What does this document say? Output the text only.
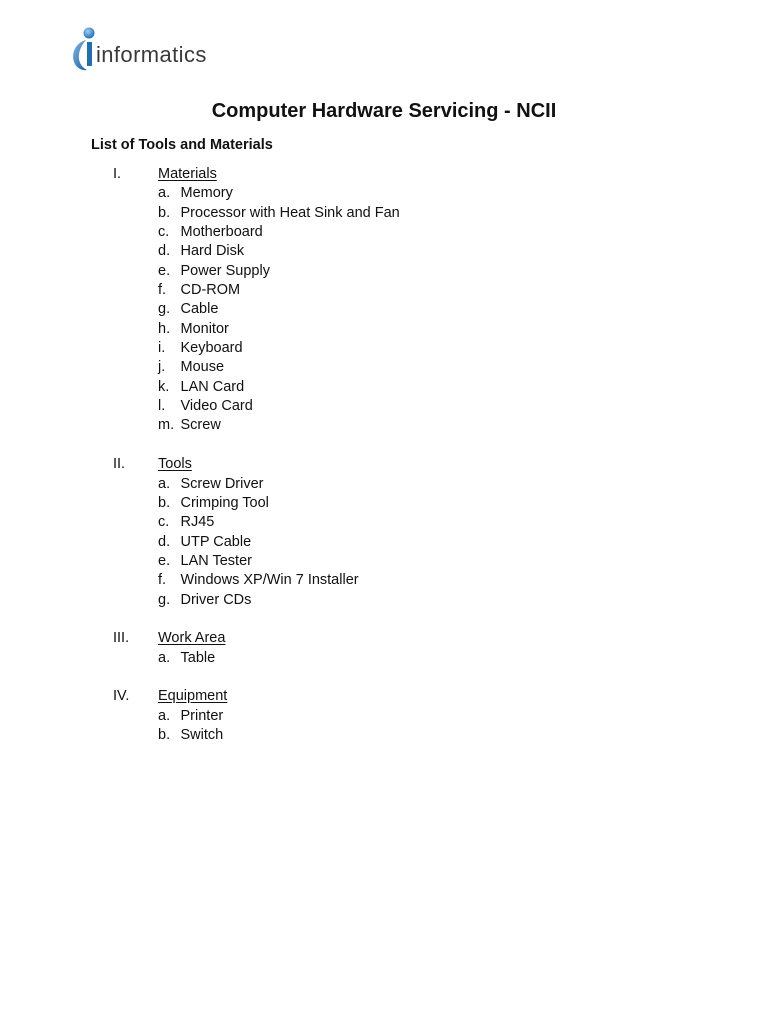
informatics
Computer Hardware Servicing - NCII
List of Tools and Materials
I.	Materials
a. Memory
b. Processor with Heat Sink and Fan
c. Motherboard
d. Hard Disk
e. Power Supply
f. CD-ROM
g. Cable
h. Monitor
i.	Keyboard
j.	Mouse
k. LAN Card
l.	Video Card
m. Screw
II.	Tools
a. Screw Driver
b. Crimping Tool
c. RJ45
d. UTP Cable
e. LAN Tester
f. Windows XP/Win 7 Installer
g. Driver CDs
III.	Work Area
a. Table
IV.	Equipment
a. Printer
b. Switch
